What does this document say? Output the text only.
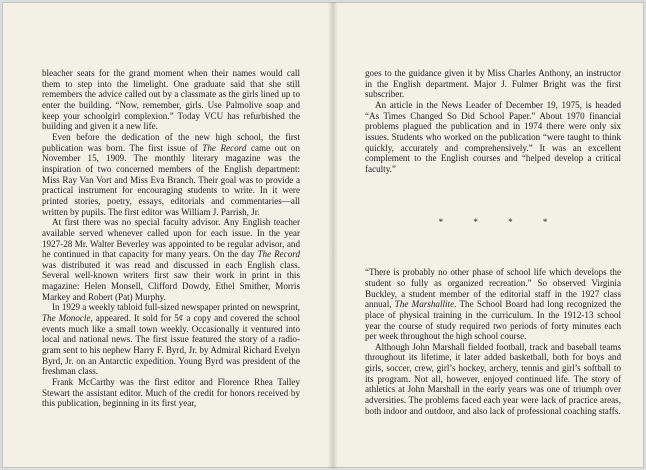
bleacher seats for the grand moment when their names would call them to step into the limelight. One graduate said that she still remembers the advice called out by a classmate as the girls lined up to enter the building. “Now, remember, girls. Use Palmolive soap and keep your schoolgirl complexion.” Today VCU has refurbished the building and given it a new life.

Even before the dedication of the new high school, the first publication was born. The first issue of The Record came out on November 15, 1909. The monthly literary magazine was the inspiration of two concerned members of the English department: Miss Ray Van Vort and Miss Eva Branch. Their goal was to provide a practical instrument for encouraging students to write. In it were printed stories, poetry, essays, editorials and commentaries—all written by pupils. The first editor was William J. Parrish, Jr.

At first there was no special faculty advisor. Any English teacher available served whenever called upon for each issue. In the year 1927-28 Mr. Walter Beverley was appointed to be regular advisor, and he continued in that capacity for many years. On the day The Record was distributed it was read and discussed in each English class. Several well-known writers first saw their work in print in this magazine: Helen Monsell, Clifford Dowdy, Ethel Smither, Morris Markey and Robert (Pat) Murphy.

In 1929 a weekly tabloid full-sized newspaper printed on newsprint, The Monocle, appeared. It sold for 5¢ a copy and covered the school events much like a small town weekly. Occasionally it ventured into local and national news. The first issue featured the story of a radio-gram sent to his nephew Harry F. Byrd, Jr. by Admiral Richard Evelyn Byrd, Jr. on an Antarctic expedition. Young Byrd was president of the freshman class.

Frank McCarthy was the first editor and Florence Rhea Talley Stewart the assistant editor. Much of the credit for honors received by this publication, beginning in its first year,

goes to the guidance given it by Miss Charles Anthony, an instructor in the English department. Major J. Fulmer Bright was the first subscriber.

An article in the News Leader of December 19, 1975, is headed “As Times Changed So Did School Paper.” About 1970 financial problems plagued the publication and in 1974 there were only six issues. Students who worked on the publication “were taught to think quickly, accurately and comprehensively.” It was an excellent complement to the English courses and “helped develop a critical faculty.”

* * * *

“There is probably no other phase of school life which develops the student so fully as organized recreation.” So observed Virginia Buckley, a student member of the editorial staff in the 1927 class annual, The Marshallite. The School Board had long recognized the place of physical training in the curriculum. In the 1912-13 school year the course of study required two periods of forty minutes each per week throughout the high school course.

Although John Marshall fielded football, track and baseball teams throughout its lifetime, it later added basketball, both for boys and girls, soccer, crew, girl’s hockey, archery, tennis and girl’s softball to its program. Not all, however, enjoyed continued life. The story of athletics at John Marshall in the early years was one of triumph over adversities. The problems faced each year were lack of practice areas, both indoor and outdoor, and also lack of professional coaching staffs.
